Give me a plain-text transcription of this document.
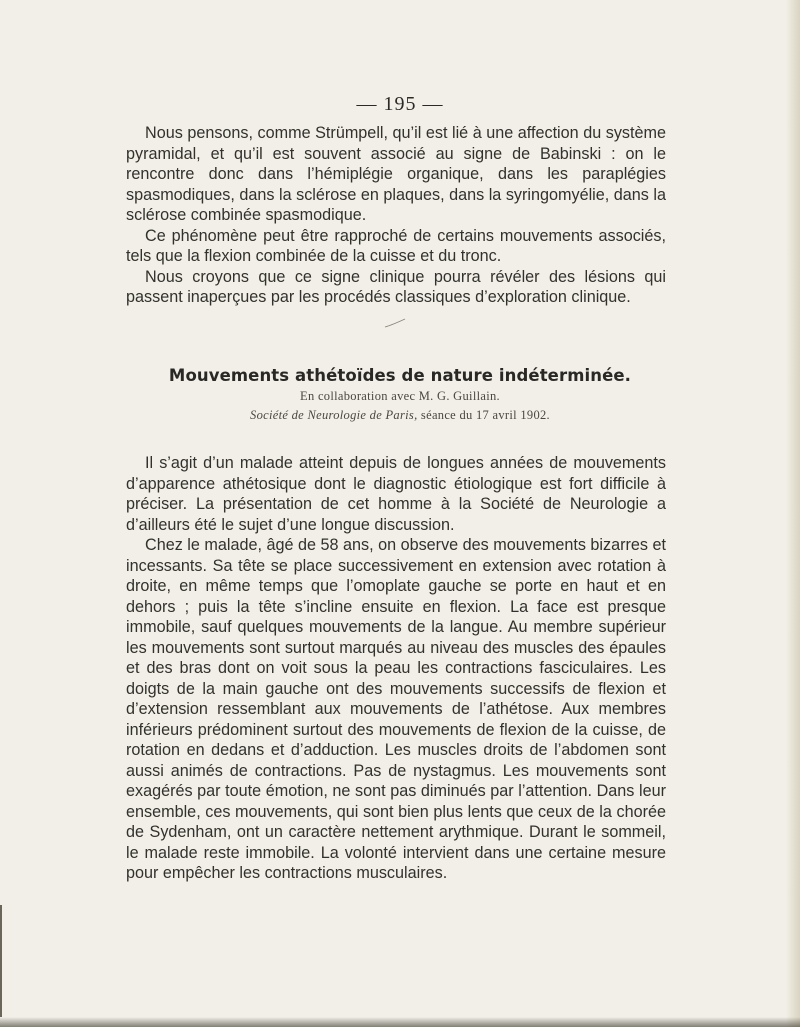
— 195 —

Nous pensons, comme Strümpell, qu’il est lié à une affection du système pyramidal, et qu’il est souvent associé au signe de Babinski : on le rencontre donc dans l’hémiplégie organique, dans les paraplégies spasmodiques, dans la sclérose en plaques, dans la syringomyélie, dans la sclérose combinée spasmodique.

Ce phénomène peut être rapproché de certains mouvements associés, tels que la flexion combinée de la cuisse et du tronc.

Nous croyons que ce signe clinique pourra révéler des lésions qui passent inaperçues par les procédés classiques d’exploration clinique.

Mouvements athétoïdes de nature indéterminée.
En collaboration avec M. G. Guillain.
Société de Neurologie de Paris, séance du 17 avril 1902.

Il s’agit d’un malade atteint depuis de longues années de mouvements d’apparence athétosique dont le diagnostic étiologique est fort difficile à préciser. La présentation de cet homme à la Société de Neurologie a d’ailleurs été le sujet d’une longue discussion.

Chez le malade, âgé de 58 ans, on observe des mouvements bizarres et incessants. Sa tête se place successivement en extension avec rotation à droite, en même temps que l’omoplate gauche se porte en haut et en dehors ; puis la tête s’incline ensuite en flexion. La face est presque immobile, sauf quelques mouvements de la langue. Au membre supérieur les mouvements sont surtout marqués au niveau des muscles des épaules et des bras dont on voit sous la peau les contractions fasciculaires. Les doigts de la main gauche ont des mouvements successifs de flexion et d’extension ressemblant aux mouvements de l’athétose. Aux membres inférieurs prédominent surtout des mouvements de flexion de la cuisse, de rotation en dedans et d’adduction. Les muscles droits de l’abdomen sont aussi animés de contractions. Pas de nystagmus. Les mouvements sont exagérés par toute émotion, ne sont pas diminués par l’attention. Dans leur ensemble, ces mouvements, qui sont bien plus lents que ceux de la chorée de Sydenham, ont un caractère nettement arythmique. Durant le sommeil, le malade reste immobile. La volonté intervient dans une certaine mesure pour empêcher les contractions musculaires.
